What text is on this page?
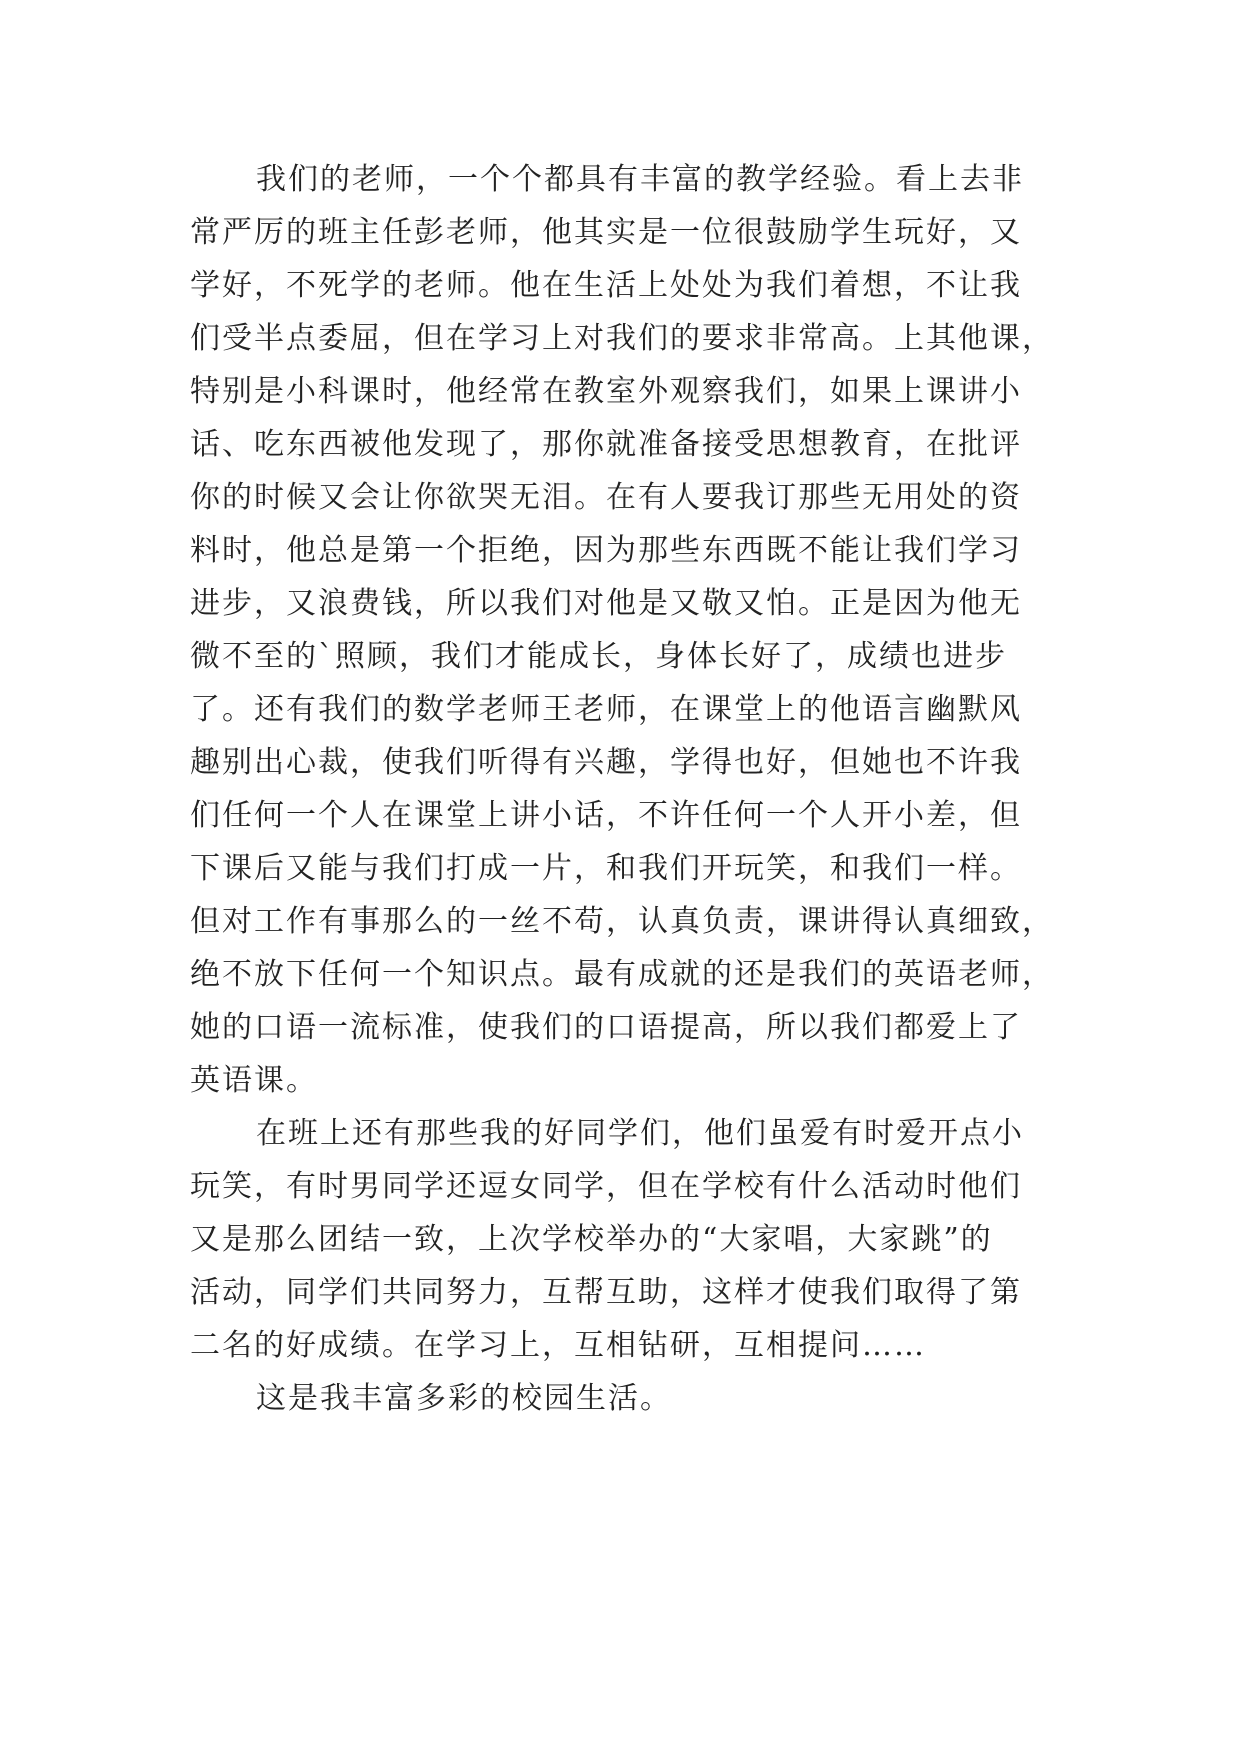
我们的老师，一个个都具有丰富的教学经验。看上去非
常严厉的班主任彭老师，他其实是一位很鼓励学生玩好，又
学好，不死学的老师。他在生活上处处为我们着想，不让我
们受半点委屈，但在学习上对我们的要求非常高。上其他课，
特别是小科课时，他经常在教室外观察我们，如果上课讲小
话、吃东西被他发现了，那你就准备接受思想教育，在批评
你的时候又会让你欲哭无泪。在有人要我订那些无用处的资
料时，他总是第一个拒绝，因为那些东西既不能让我们学习
进步，又浪费钱，所以我们对他是又敬又怕。正是因为他无
微不至的`照顾，我们才能成长，身体长好了，成绩也进步
了。还有我们的数学老师王老师，在课堂上的他语言幽默风
趣别出心裁，使我们听得有兴趣，学得也好，但她也不许我
们任何一个人在课堂上讲小话，不许任何一个人开小差，但
下课后又能与我们打成一片，和我们开玩笑，和我们一样。
但对工作有事那么的一丝不苟，认真负责，课讲得认真细致，
绝不放下任何一个知识点。最有成就的还是我们的英语老师，
她的口语一流标准，使我们的口语提高，所以我们都爱上了
英语课。
在班上还有那些我的好同学们，他们虽爱有时爱开点小
玩笑，有时男同学还逗女同学，但在学校有什么活动时他们
又是那么团结一致，上次学校举办的“大家唱，大家跳”的
活动，同学们共同努力，互帮互助，这样才使我们取得了第
二名的好成绩。在学习上，互相钻研，互相提问……
这是我丰富多彩的校园生活。
